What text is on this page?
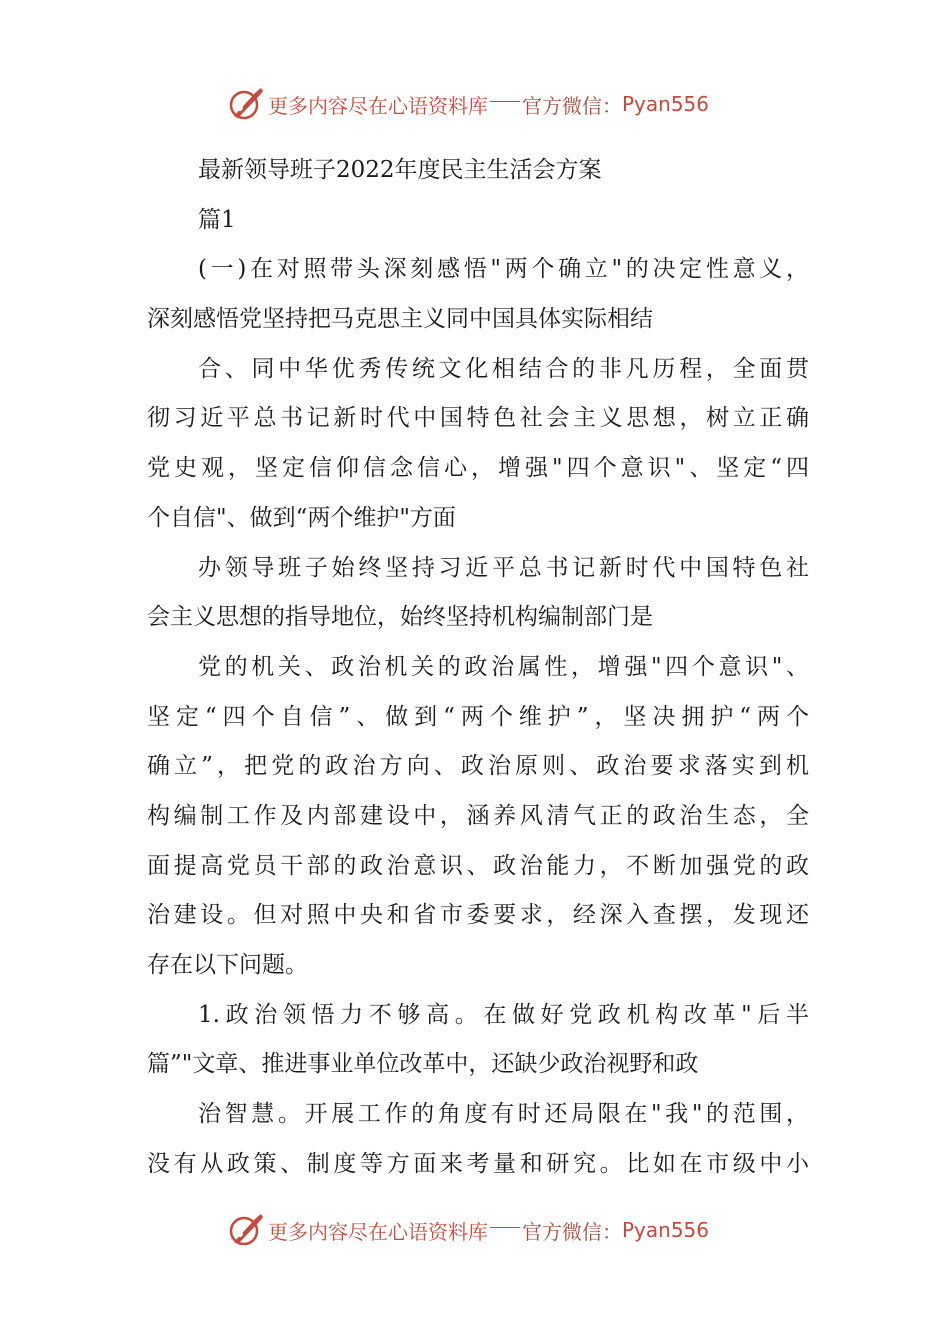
更多内容尽在心语资料库 官方微信： Pyan556
最新领导班子2022年度民主生活会方案
篇1
(一)在对照带头深刻感悟"两个确立"的决定性意义，
深刻感悟党坚持把马克思主义同中国具体实际相结
合、同中华优秀传统文化相结合的非凡历程，全面贯
彻习近平总书记新时代中国特色社会主义思想，树立正确
党史观，坚定信仰信念信心，增强"四个意识"、坚定“四
个自信"、做到“两个维护"方面
办领导班子始终坚持习近平总书记新时代中国特色社
会主义思想的指导地位，始终坚持机构编制部门是
党的机关、政治机关的政治属性，增强"四个意识"、
坚定“四个自信”、做到“两个维护”，坚决拥护“两个
确立”，把党的政治方向、政治原则、政治要求落实到机
构编制工作及内部建设中，涵养风清气正的政治生态，全
面提高党员干部的政治意识、政治能力，不断加强党的政
治建设。但对照中央和省市委要求，经深入查摆，发现还
存在以下问题。
1.政治领悟力不够高。在做好党政机构改革"后半
篇”"文章、推进事业单位改革中，还缺少政治视野和政
治智慧。开展工作的角度有时还局限在"我"的范围，
没有从政策、制度等方面来考量和研究。比如在市级中小
更多内容尽在心语资料库 官方微信： Pyan556
